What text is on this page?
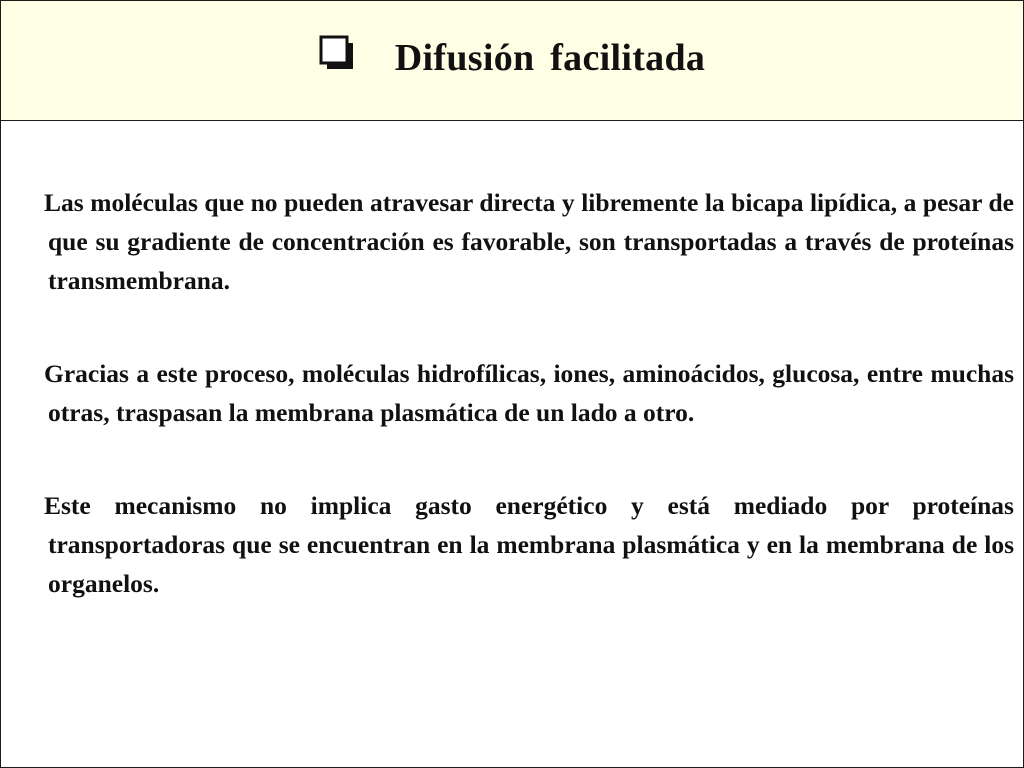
Difusión facilitada

Las moléculas que no pueden atravesar directa y libremente la bicapa lipídica, a pesar de que su gradiente de concentración es favorable, son transportadas a través de proteínas transmembrana.

Gracias a este proceso, moléculas hidrofílicas, iones, aminoácidos, glucosa, entre muchas otras, traspasan la membrana plasmática de un lado a otro.

Este mecanismo no implica gasto energético y está mediado por proteínas transportadoras que se encuentran en la membrana plasmática y en la membrana de los organelos.
